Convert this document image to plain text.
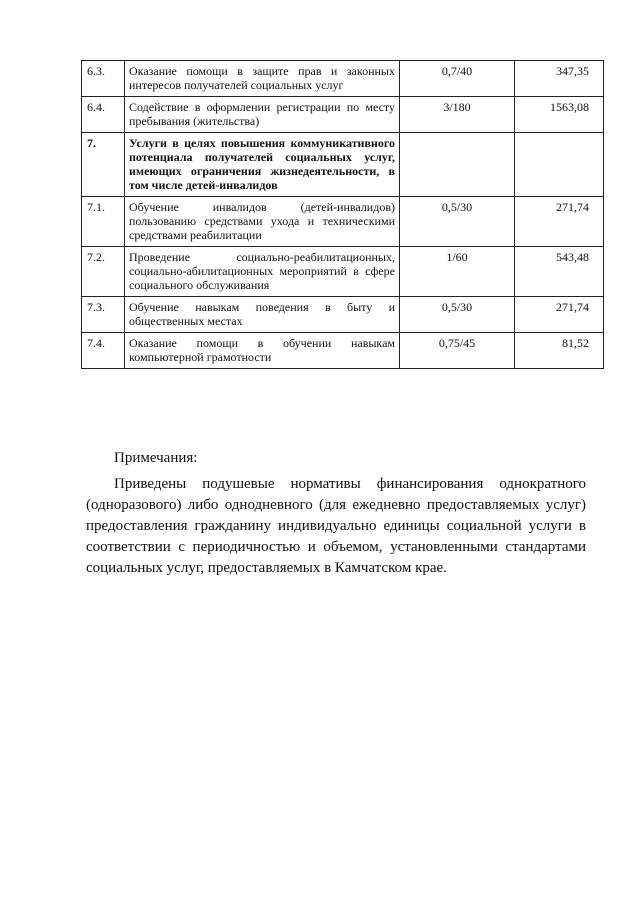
6.3.	Оказание помощи в защите прав и законных интересов получателей социальных услуг	0,7/40	347,35
6.4.	Содействие в оформлении регистрации по месту пребывания (жительства)	3/180	1563,08
7.	Услуги в целях повышения коммуникативного потенциала получателей социальных услуг, имеющих ограничения жизнедеятельности, в том числе детей-инвалидов		
7.1.	Обучение инвалидов (детей-инвалидов) пользованию средствами ухода и техническими средствами реабилитации	0,5/30	271,74
7.2.	Проведение социально-реабилитационных, социально-абилитационных мероприятий в сфере социального обслуживания	1/60	543,48
7.3.	Обучение навыкам поведения в быту и общественных местах	0,5/30	271,74
7.4.	Оказание помощи в обучении навыкам компьютерной грамотности	0,75/45	81,52
Примечания:
Приведены подушевые нормативы финансирования однократного (одноразового) либо однодневного (для ежедневно предоставляемых услуг) предоставления гражданину индивидуально единицы социальной услуги в соответствии с периодичностью и объемом, установленными стандартами социальных услуг, предоставляемых в Камчатском крае.
